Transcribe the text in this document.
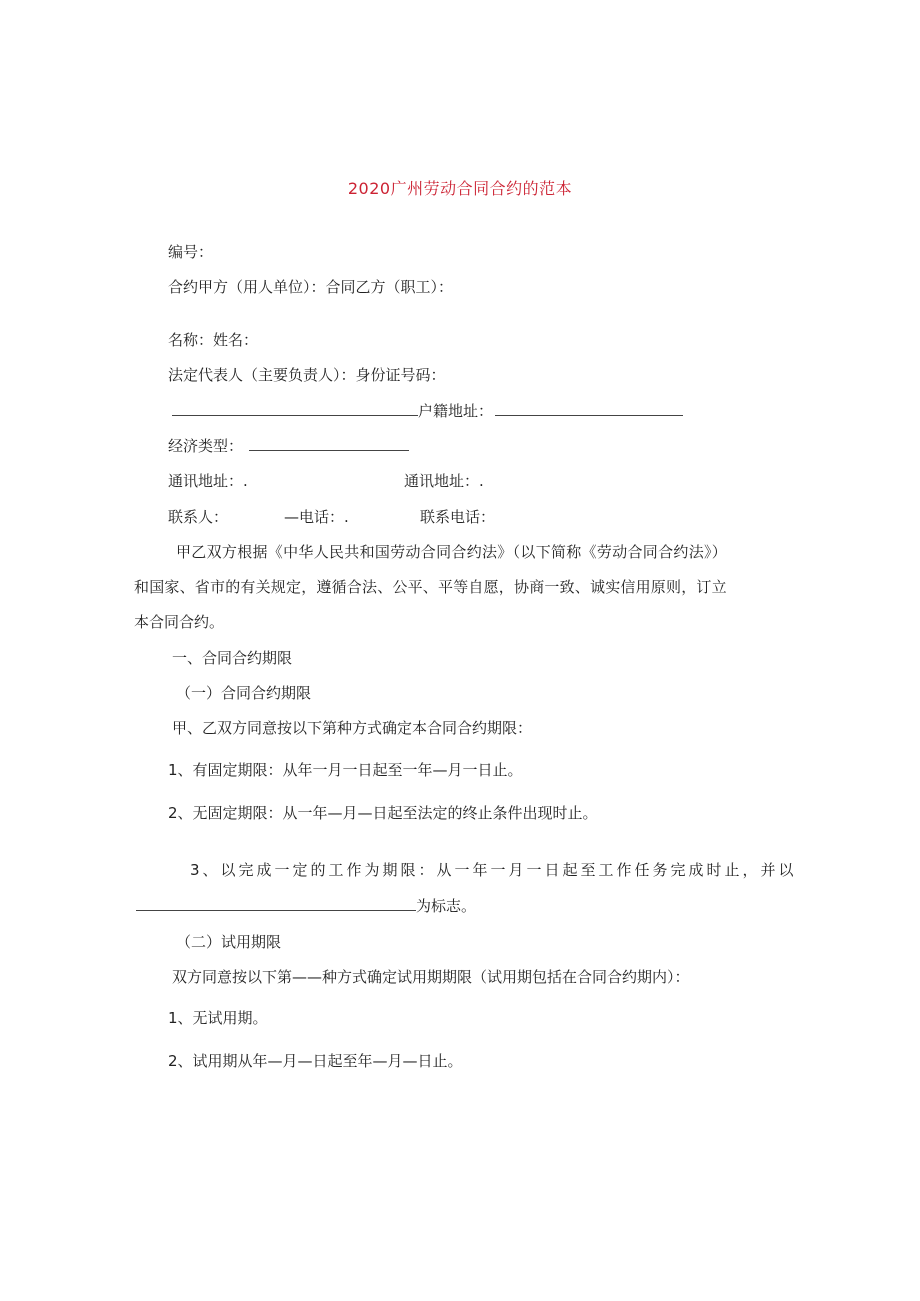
2020广州劳动合同合约的范本
编号：
合约甲方（用人单位）：合同乙方（职工）：
名称：姓名：
法定代表人（主要负责人）：身份证号码：
户籍地址：
经济类型：
通讯地址：.	通讯地址：.
联系人：	—电话：.	联系电话：
甲乙双方根据《中华人民共和国劳动合同合约法》（以下简称《劳动合同合约法》）
和国家、省市的有关规定，遵循合法、公平、平等自愿，协商一致、诚实信用原则，订立
本合同合约。
一、合同合约期限
（一）合同合约期限
甲、乙双方同意按以下第种方式确定本合同合约期限：
1、有固定期限：从年一月一日起至一年—月一日止。
2、无固定期限：从一年—月—日起至法定的终止条件出现时止。
3、以完成一定的工作为期限：从一年一月一日起至工作任务完成时止，并以
为标志。
（二）试用期限
双方同意按以下第——种方式确定试用期期限（试用期包括在合同合约期内）：
1、无试用期。
2、试用期从年—月—日起至年—月—日止。
